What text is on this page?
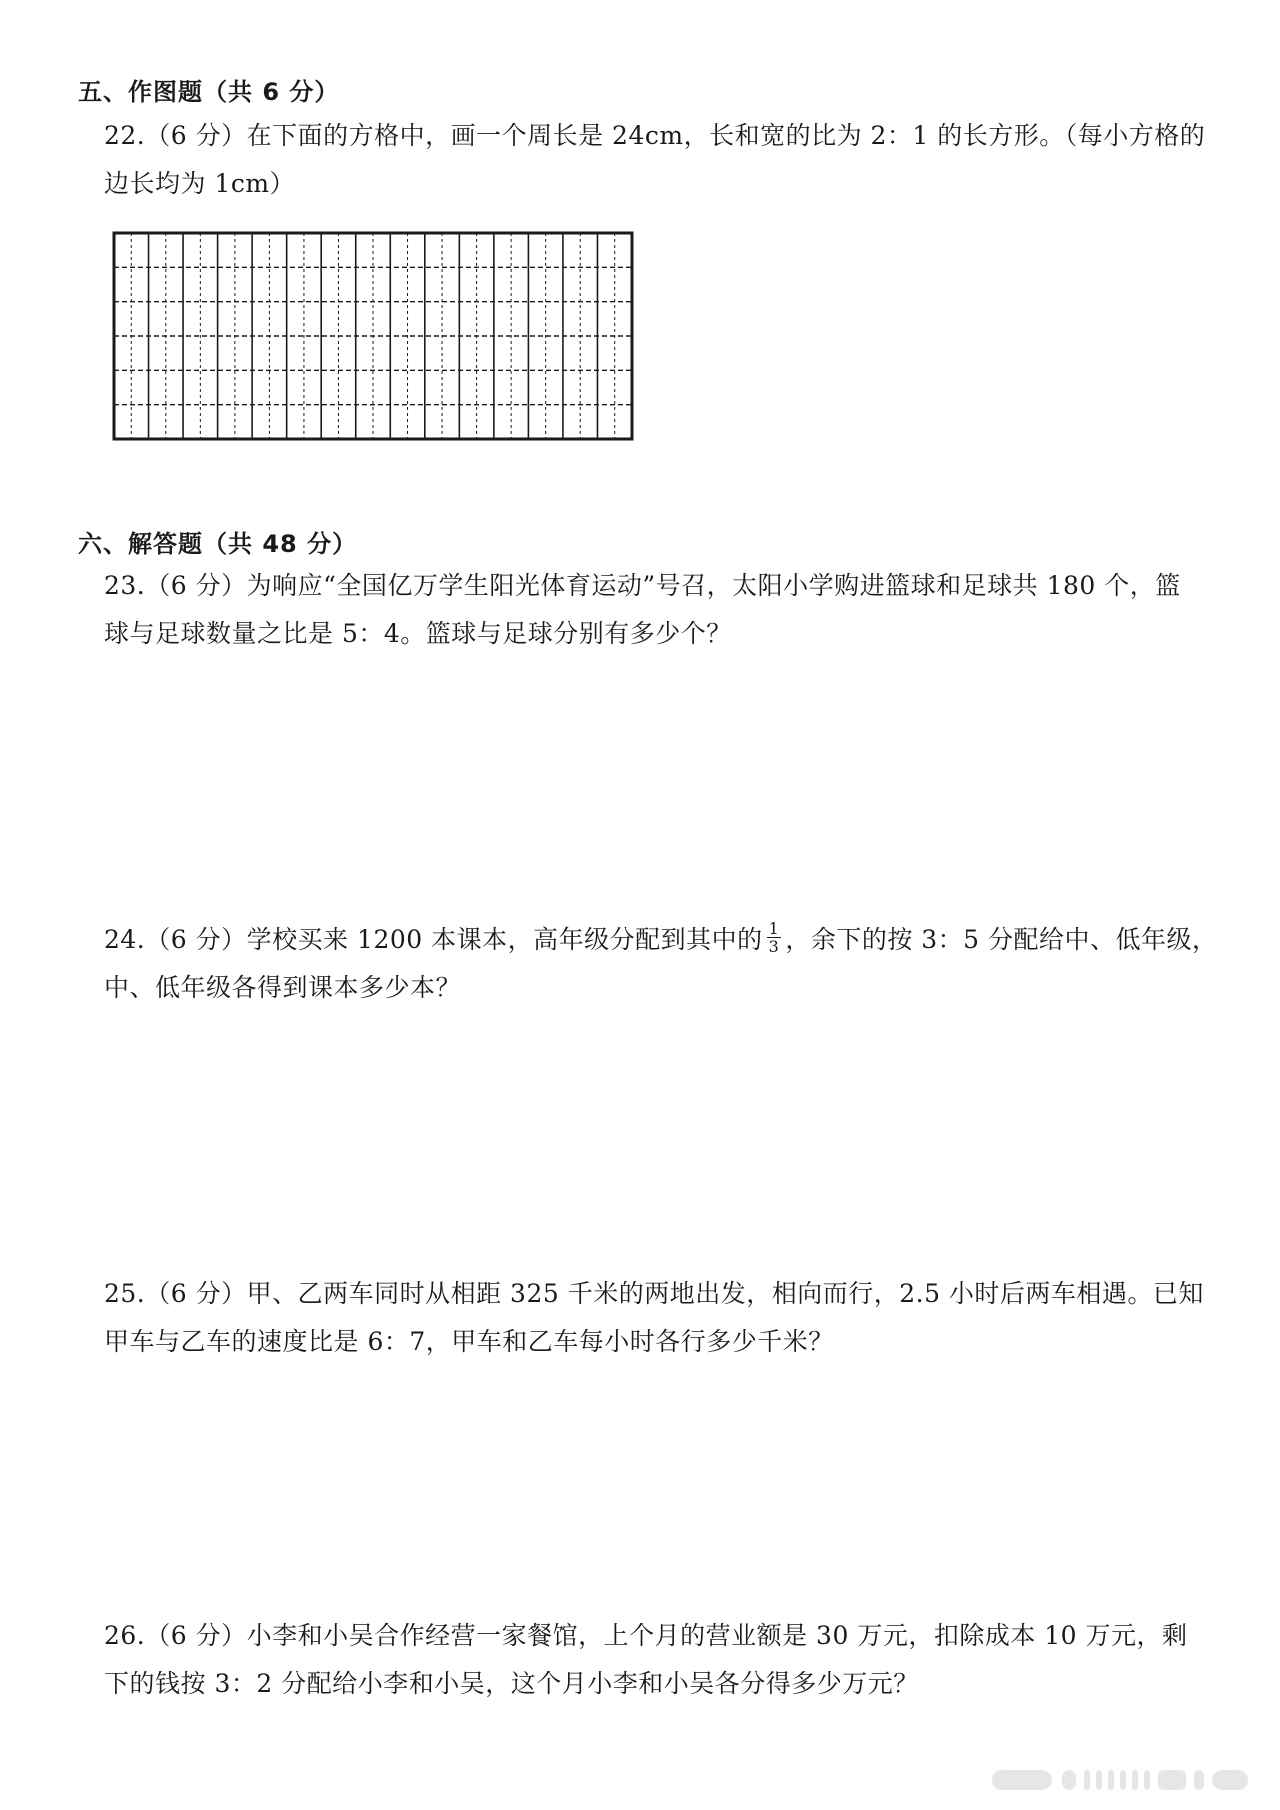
五、作图题（共 6 分）
22.（6 分）在下面的方格中，画一个周长是 24cm，长和宽的比为 2：1 的长方形。（每小方格的
边长均为 1cm）
六、解答题（共 48 分）
23.（6 分）为响应“全国亿万学生阳光体育运动”号召，太阳小学购进篮球和足球共 180 个，篮
球与足球数量之比是 5：4。篮球与足球分别有多少个？
24.（6 分）学校买来 1200 本课本，高年级分配到其中的 $\frac{1}{3}$ ，余下的按 3：5 分配给中、低年级，
中、低年级各得到课本多少本？
25.（6 分）甲、乙两车同时从相距 325 千米的两地出发，相向而行，2.5 小时后两车相遇。已知
甲车与乙车的速度比是 6：7，甲车和乙车每小时各行多少千米？
26.（6 分）小李和小吴合作经营一家餐馆，上个月的营业额是 30 万元，扣除成本 10 万元，剩
下的钱按 3：2 分配给小李和小吴，这个月小李和小吴各分得多少万元？
